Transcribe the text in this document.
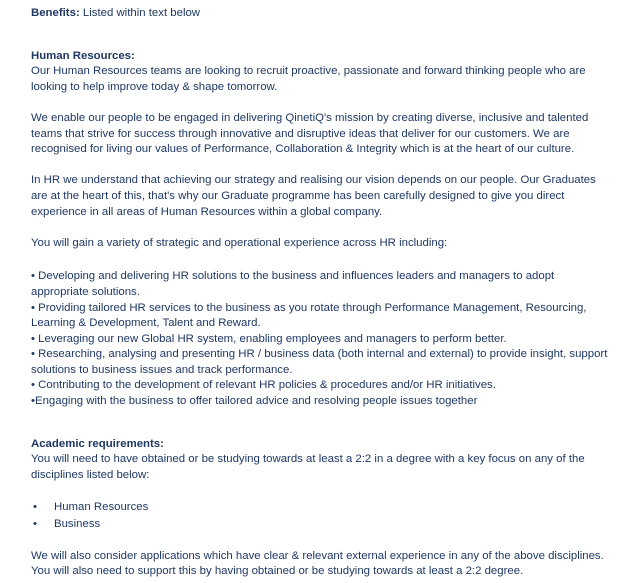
Benefits: Listed within text below

Human Resources:

Our Human Resources teams are looking to recruit proactive, passionate and forward thinking people who are looking to help improve today & shape tomorrow.

We enable our people to be engaged in delivering QinetiQ's mission by creating diverse, inclusive and talented teams that strive for success through innovative and disruptive ideas that deliver for our customers. We are recognised for living our values of Performance, Collaboration & Integrity which is at the heart of our culture.

In HR we understand that achieving our strategy and realising our vision depends on our people. Our Graduates are at the heart of this, that's why our Graduate programme has been carefully designed to give you direct experience in all areas of Human Resources within a global company.

You will gain a variety of strategic and operational experience across HR including:

• Developing and delivering HR solutions to the business and influences leaders and managers to adopt appropriate solutions.

• Providing tailored HR services to the business as you rotate through Performance Management, Resourcing, Learning & Development, Talent and Reward.

• Leveraging our new Global HR system, enabling employees and managers to perform better.

• Researching, analysing and presenting HR / business data (both internal and external) to provide insight, support solutions to business issues and track performance.

• Contributing to the development of relevant HR policies & procedures and/or HR initiatives.

•Engaging with the business to offer tailored advice and resolving people issues together

Academic requirements:

You will need to have obtained or be studying towards at least a 2:2 in a degree with a key focus on any of the disciplines listed below:

• Human Resources
• Business

We will also consider applications which have clear & relevant external experience in any of the above disciplines. You will also need to support this by having obtained or be studying towards at least a 2:2 degree.
